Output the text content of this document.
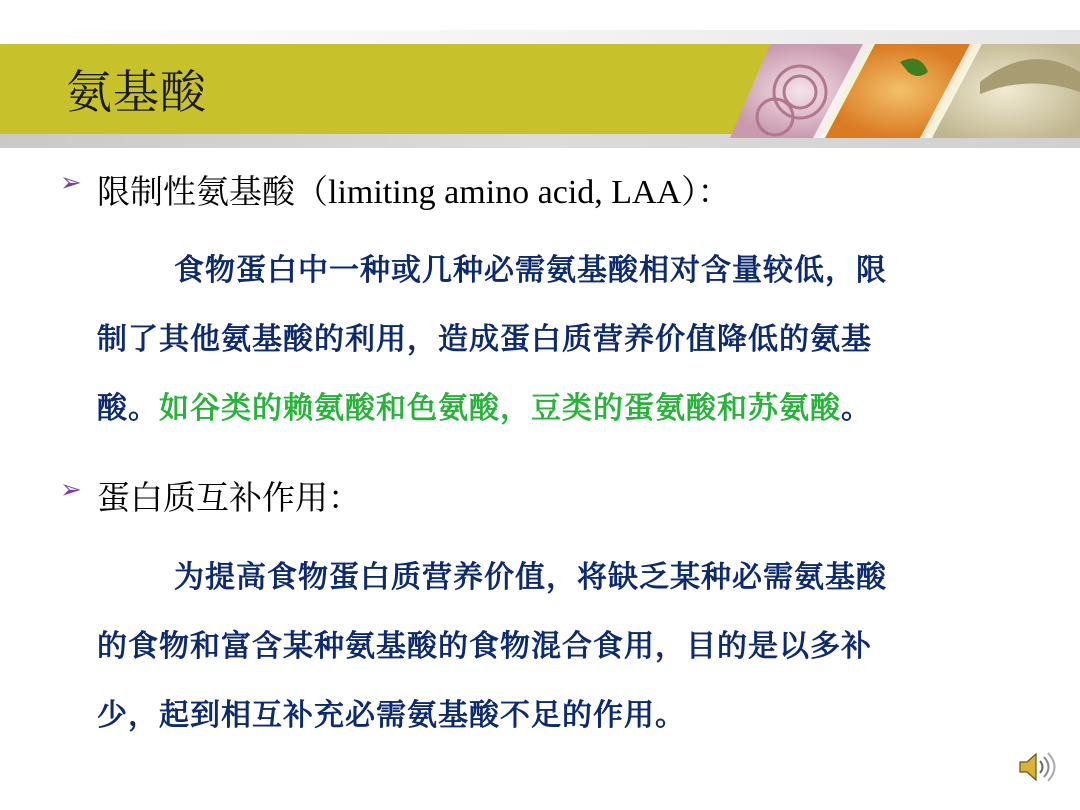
氨基酸
➢ 限制性氨基酸（limiting amino acid, LAA）：
食物蛋白中一种或几种必需氨基酸相对含量较低，限
制了其他氨基酸的利用，造成蛋白质营养价值降低的氨基
酸。如谷类的赖氨酸和色氨酸，豆类的蛋氨酸和苏氨酸。
➢ 蛋白质互补作用：
为提高食物蛋白质营养价值，将缺乏某种必需氨基酸
的食物和富含某种氨基酸的食物混合食用，目的是以多补
少，起到相互补充必需氨基酸不足的作用。
